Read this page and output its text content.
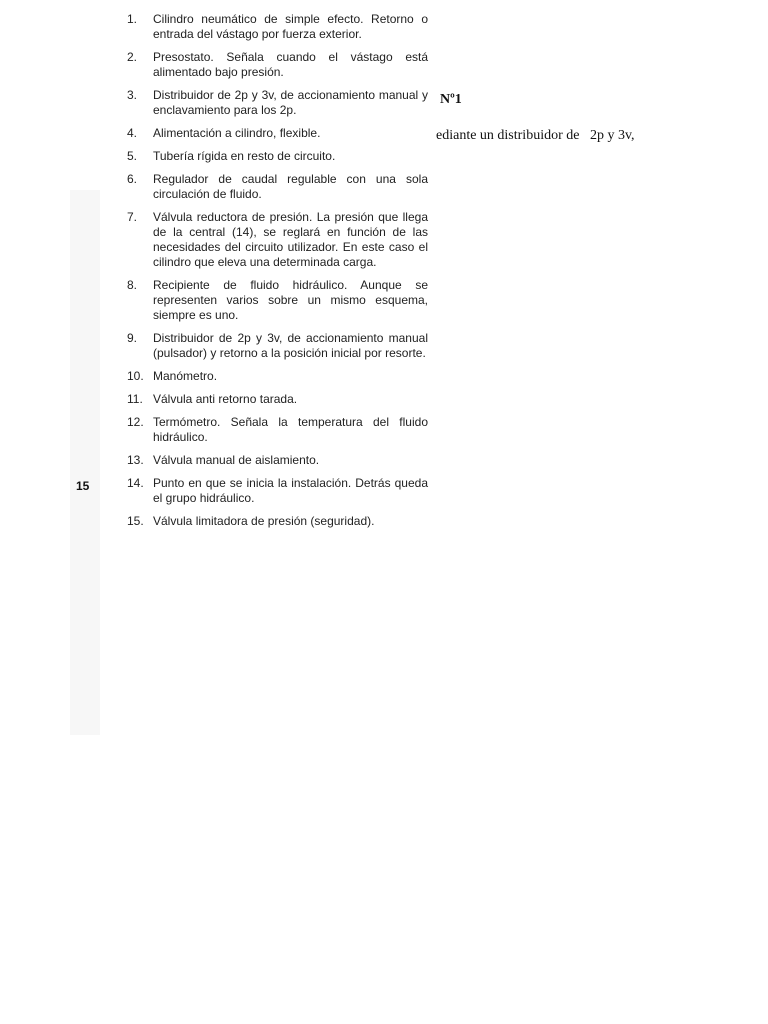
15
1.	Cilindro neumático de simple efecto. Retorno o entrada del vástago por fuerza exterior.
2.	Presostato. Señala cuando el vástago está alimentado bajo presión.
3.	Distribuidor de 2p y 3v, de accionamiento manual y enclavamiento para los 2p.
4.	Alimentación a cilindro, flexible.
5.	Tubería rígida en resto de circuito.
6.	Regulador de caudal regulable con una sola circulación de fluido.
7.	Válvula reductora de presión. La presión que llega de la central (14), se reglará en función de las necesidades del circuito utilizador. En este caso el cilindro que eleva una determinada carga.
8.	Recipiente de fluido hidráulico. Aunque se representen varios sobre un mismo esquema, siempre es uno.
9.	Distribuidor de 2p y 3v, de accionamiento manual (pulsador) y retorno a la posición inicial por resorte.
10. Manómetro.
11. Válvula anti retorno tarada.
12. Termómetro. Señala la temperatura del fluido hidráulico.
13. Válvula manual de aislamiento.
14. Punto en que se inicia la instalación. Detrás queda el grupo hidráulico.
15. Válvula limitadora de presión (seguridad).
Nº1
ediante un distribuidor de   2p y 3v,
